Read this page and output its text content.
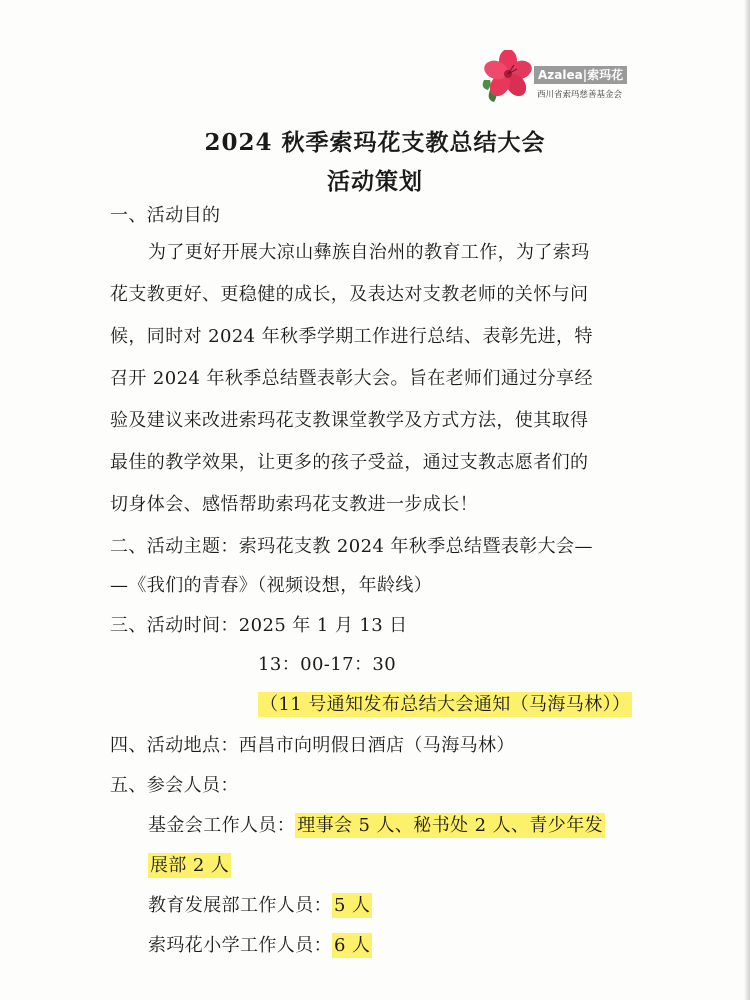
Azalea|索玛花
西川省索玛慈善基金会
2024 秋季索玛花支教总结大会
活动策划
一、活动目的
为了更好开展大凉山彝族自治州的教育工作，为了索玛
花支教更好、更稳健的成长，及表达对支教老师的关怀与问
候，同时对 2024 年秋季学期工作进行总结、表彰先进，特
召开 2024 年秋季总结暨表彰大会。旨在老师们通过分享经
验及建议来改进索玛花支教课堂教学及方式方法，使其取得
最佳的教学效果，让更多的孩子受益，通过支教志愿者们的
切身体会、感悟帮助索玛花支教进一步成长！
二、活动主题：索玛花支教 2024 年秋季总结暨表彰大会—
—《我们的青春》（视频设想，年龄线）
三、活动时间：2025 年 1 月 13 日
13：00-17：30
（11 号通知发布总结大会通知（马海马林））
四、活动地点：西昌市向明假日酒店（马海马林）
五、参会人员：
基金会工作人员： 理事会 5 人、秘书处 2 人、青少年发
展部 2 人
教育发展部工作人员： 5 人
索玛花小学工作人员： 6 人
